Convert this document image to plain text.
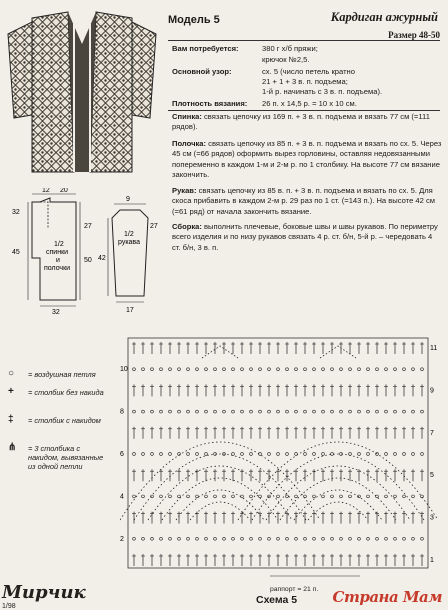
Модель 5	Кардиган ажурный
Размер 48-50
Вам потребуется:	380 г х/б пряжи;
крючок №2,5.
Основной узор:	сх. 5 (число петель кратно
21 + 1 + 3 в. п. подъема;
1-й р. начинать с 3 в. п. подъема).
Плотность вязания: 26 п. х 14,5 р. = 10 х 10 см.
Спинка: связать цепочку из 169 п. + 3 в. п. подъема и вязать 77 см (=111 рядов).
Полочка: связать цепочку из 85 п. + 3 в. п. подъема и вязать по сх. 5. Через 45 см (=66 рядов) оформить вырез горловины, оставляя недовязанными попеременно в каждом 1-м и 2-м р. по 1 столбику. На высоте 77 см вязание закончить.
Рукав: связать цепочку из 85 в. п. + 3 в. п. подъема и вязать по сх. 5. Для скоса прибавить в каждом 2-м р. 29 раз по 1 ст. (=143 п.). На высоте 42 см (=61 ряд) от начала закончить вязание.
Сборка: выполнить плечевые, боковые швы и швы рукавов. По периметру всего изделия и по низу рукавов связать 4 р. ст. б/н, 5-й р. – чередовать 4 ст. б/н, 3 в. п.
12 20
32
45
27
50
32
9
27
42
17
1/2 спинки и полочки
1/2 рукава
○ = воздушная петля
+ = столбик без накида
‡ = столбик с накидом
⋔ = 3 столбика с накидом, вывязанные из одной петли
11
9
7
5
3
1
10
8
6
4
2
раппорт = 21 п.
Схема 5
Мирчик
1/98
Страна Мам
